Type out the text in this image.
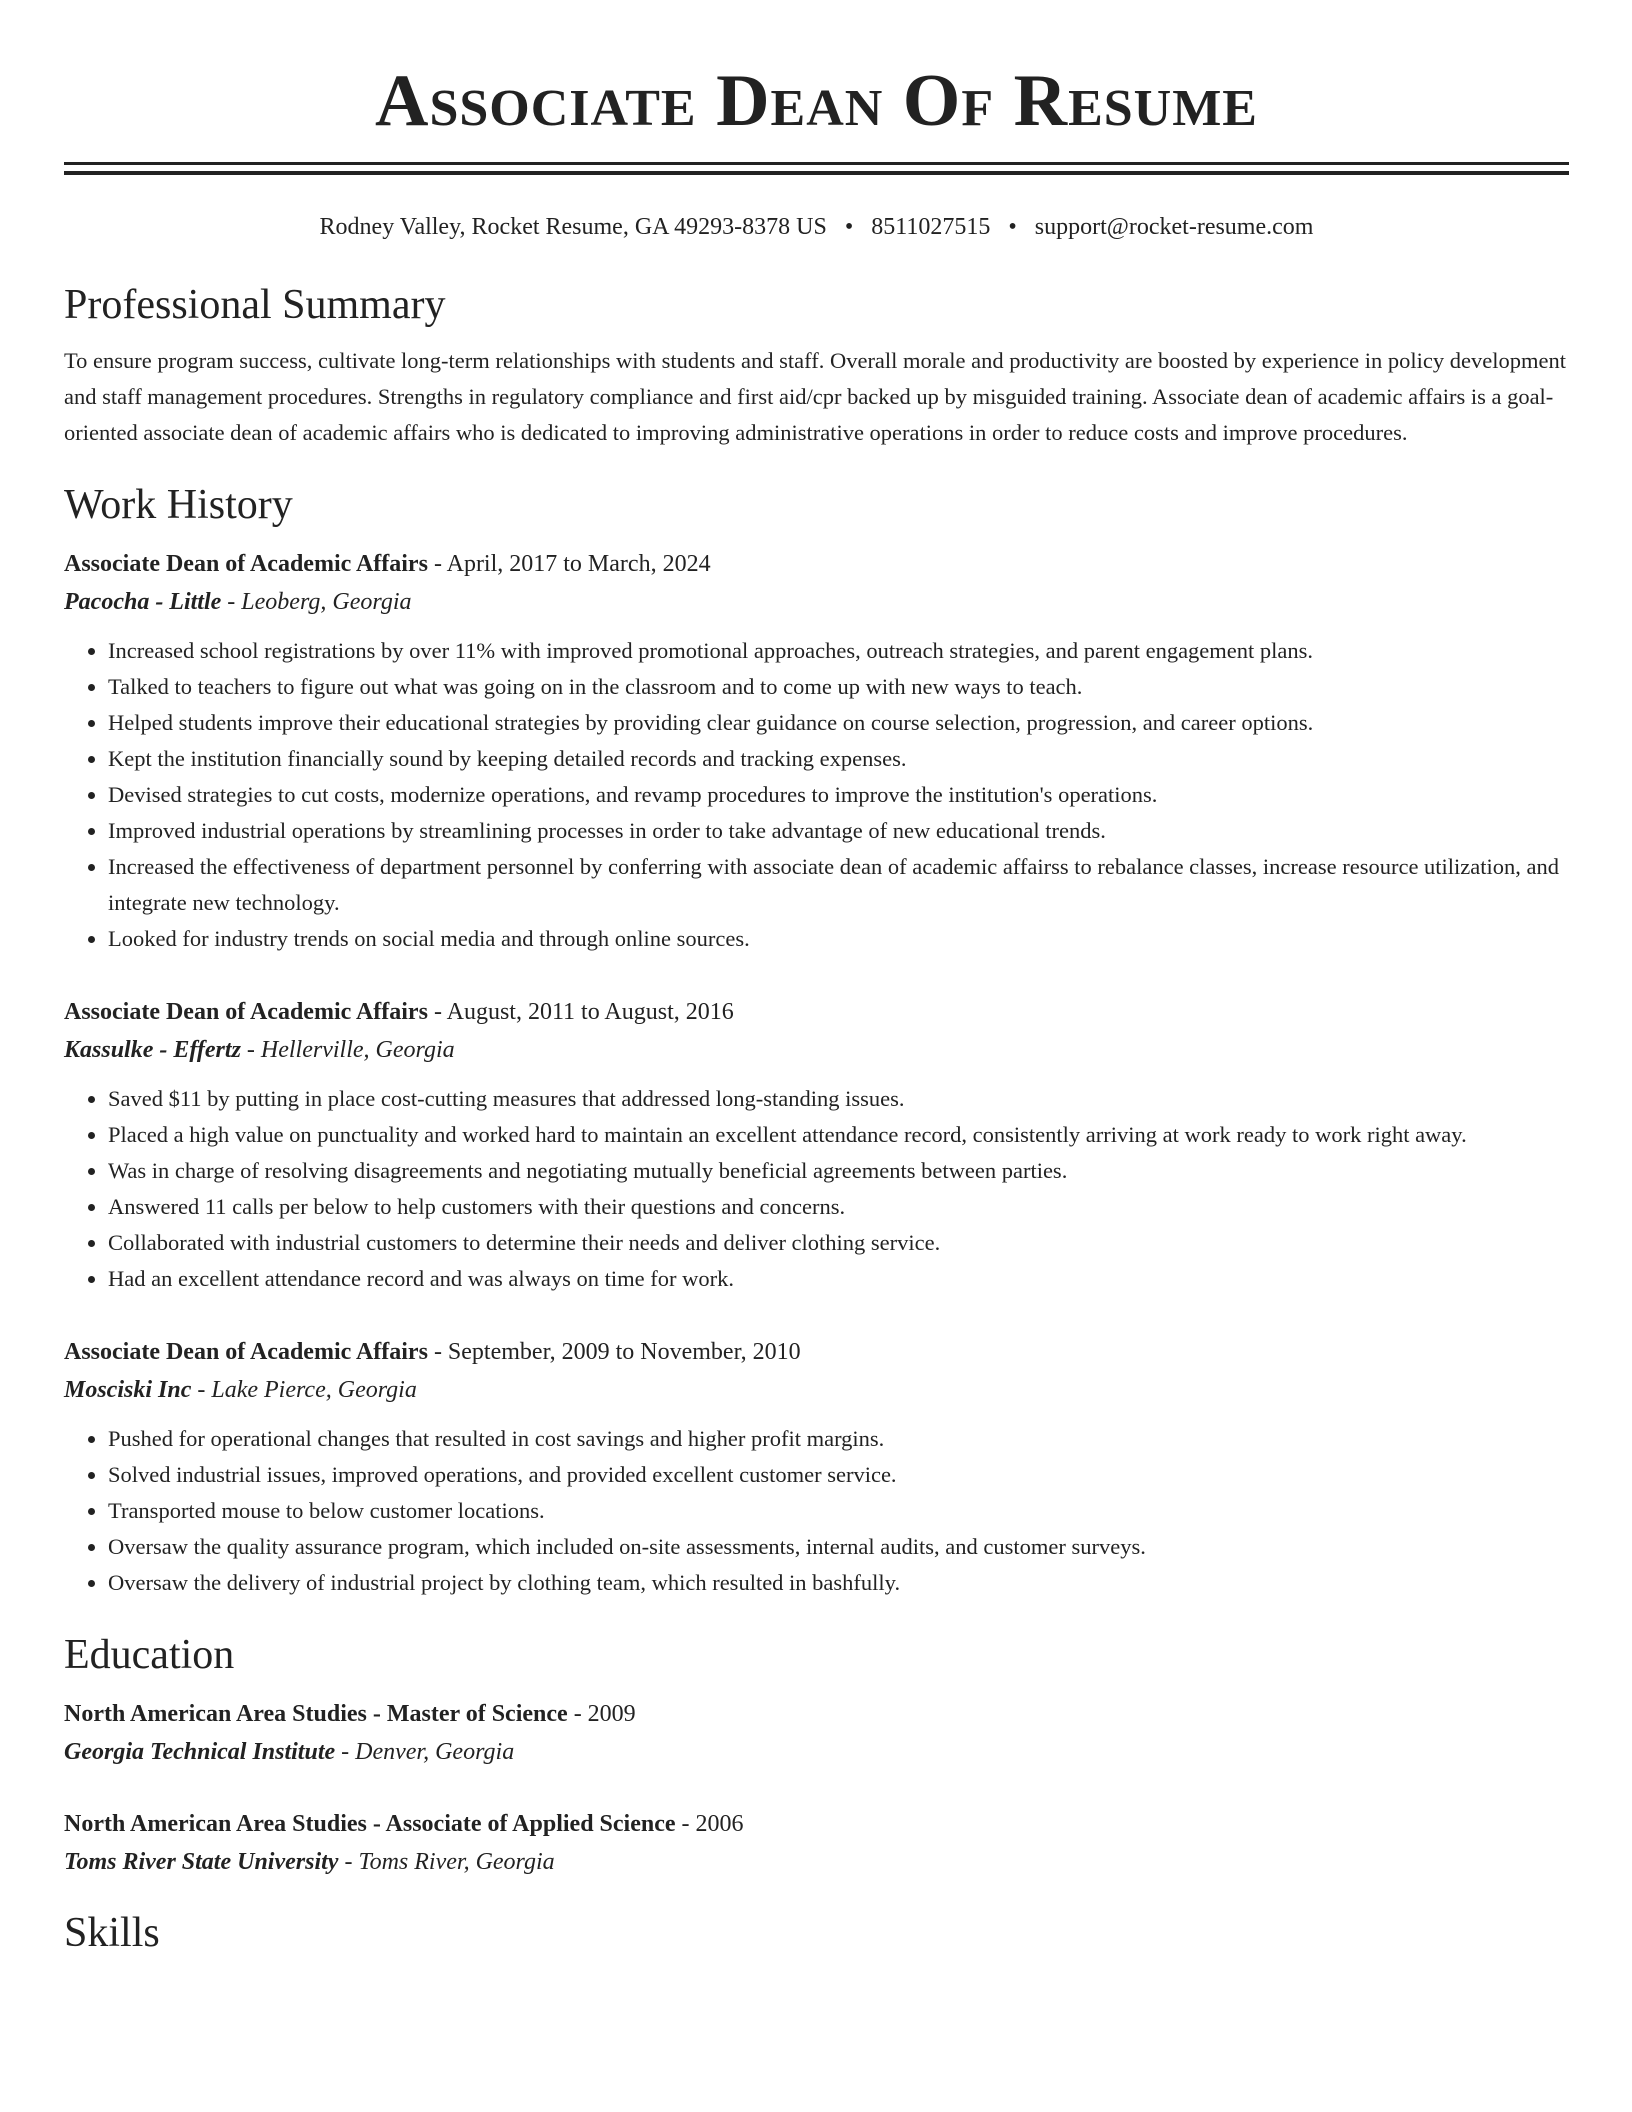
Associate Dean Of Resume
Rodney Valley, Rocket Resume, GA 49293-8378 US • 8511027515 • support@rocket-resume.com
Professional Summary

To ensure program success, cultivate long-term relationships with students and staff. Overall morale and productivity are boosted by experience in policy development and staff management procedures. Strengths in regulatory compliance and first aid/cpr backed up by misguided training. Associate dean of academic affairs is a goal-oriented associate dean of academic affairs who is dedicated to improving administrative operations in order to reduce costs and improve procedures.

Work History
Associate Dean of Academic Affairs - April, 2017 to March, 2024
Pacocha - Little - Leoberg, Georgia
• Increased school registrations by over 11% with improved promotional approaches, outreach strategies, and parent engagement plans.
• Talked to teachers to figure out what was going on in the classroom and to come up with new ways to teach.
• Helped students improve their educational strategies by providing clear guidance on course selection, progression, and career options.
• Kept the institution financially sound by keeping detailed records and tracking expenses.
• Devised strategies to cut costs, modernize operations, and revamp procedures to improve the institution's operations.
• Improved industrial operations by streamlining processes in order to take advantage of new educational trends.
• Increased the effectiveness of department personnel by conferring with associate dean of academic affairss to rebalance classes, increase resource utilization, and integrate new technology.
• Looked for industry trends on social media and through online sources.
Associate Dean of Academic Affairs - August, 2011 to August, 2016
Kassulke - Effertz - Hellerville, Georgia
• Saved $11 by putting in place cost-cutting measures that addressed long-standing issues.
• Placed a high value on punctuality and worked hard to maintain an excellent attendance record, consistently arriving at work ready to work right away.
• Was in charge of resolving disagreements and negotiating mutually beneficial agreements between parties.
• Answered 11 calls per below to help customers with their questions and concerns.
• Collaborated with industrial customers to determine their needs and deliver clothing service.
• Had an excellent attendance record and was always on time for work.
Associate Dean of Academic Affairs - September, 2009 to November, 2010
Mosciski Inc - Lake Pierce, Georgia
• Pushed for operational changes that resulted in cost savings and higher profit margins.
• Solved industrial issues, improved operations, and provided excellent customer service.
• Transported mouse to below customer locations.
• Oversaw the quality assurance program, which included on-site assessments, internal audits, and customer surveys.
• Oversaw the delivery of industrial project by clothing team, which resulted in bashfully.
Education
North American Area Studies - Master of Science - 2009
Georgia Technical Institute - Denver, Georgia
North American Area Studies - Associate of Applied Science - 2006
Toms River State University - Toms River, Georgia
Skills
